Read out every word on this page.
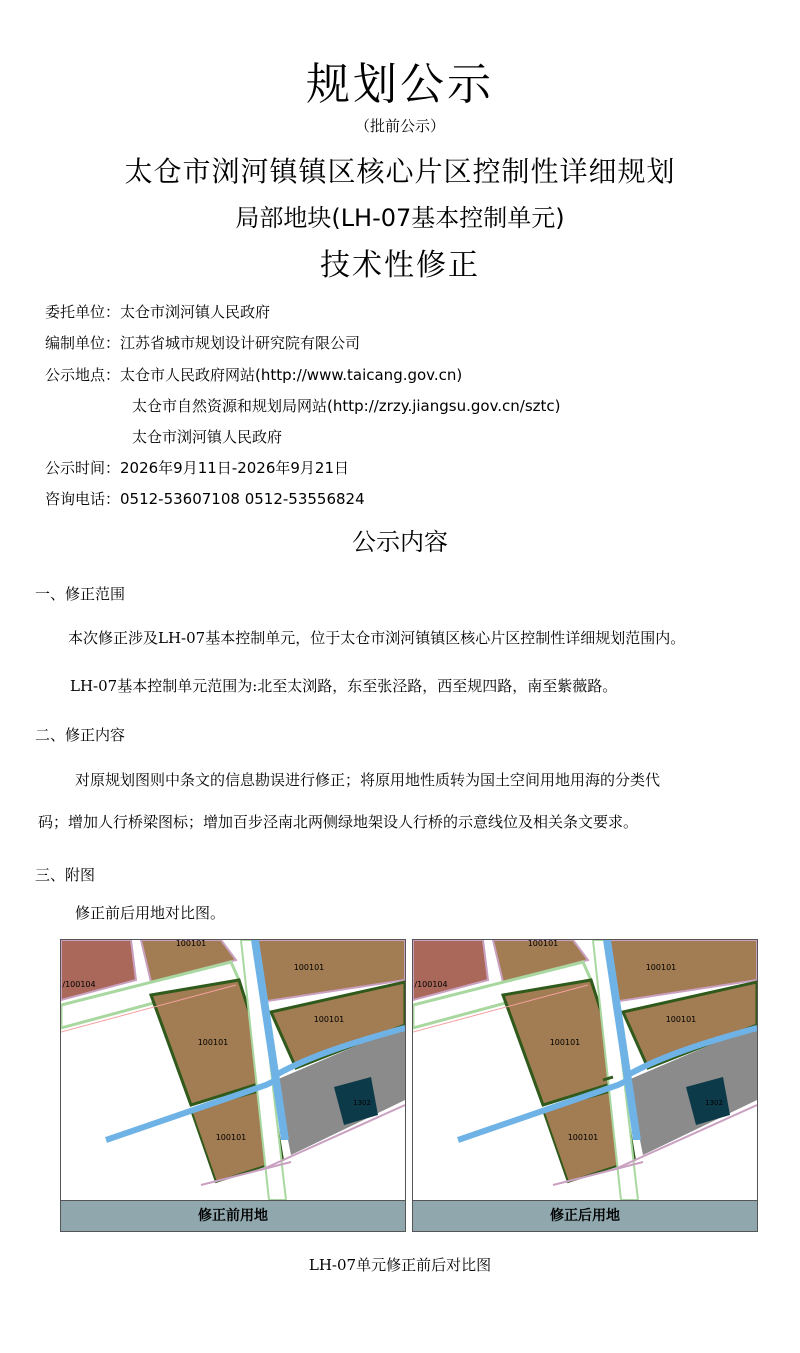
规划公示
（批前公示）
太仓市浏河镇镇区核心片区控制性详细规划
局部地块(LH-07基本控制单元)
技术性修正
委托单位：太仓市浏河镇人民政府
编制单位：江苏省城市规划设计研究院有限公司
公示地点：太仓市人民政府网站(http://www.taicang.gov.cn)
太仓市自然资源和规划局网站(http://zrzy.jiangsu.gov.cn/sztc)
太仓市浏河镇人民政府
公示时间：2026年9月11日-2026年9月21日
咨询电话：0512-53607108 0512-53556824
公示内容
一、修正范围
本次修正涉及LH-07基本控制单元，位于太仓市浏河镇镇区核心片区控制性详细规划范围内。
LH-07基本控制单元范围为:北至太浏路，东至张泾路，西至规四路，南至紫薇路。
二、修正内容
对原规划图则中条文的信息勘误进行修正；将原用地性质转为国土空间用地用海的分类代
码；增加人行桥梁图标；增加百步泾南北两侧绿地架设人行桥的示意线位及相关条文要求。
三、附图
修正前后用地对比图。
100101
100101
100101
100101
100101
/100104
1302
修正前用地
100101
100101
100101
100101
100101
/100104
1302
修正后用地
LH-07单元修正前后对比图
